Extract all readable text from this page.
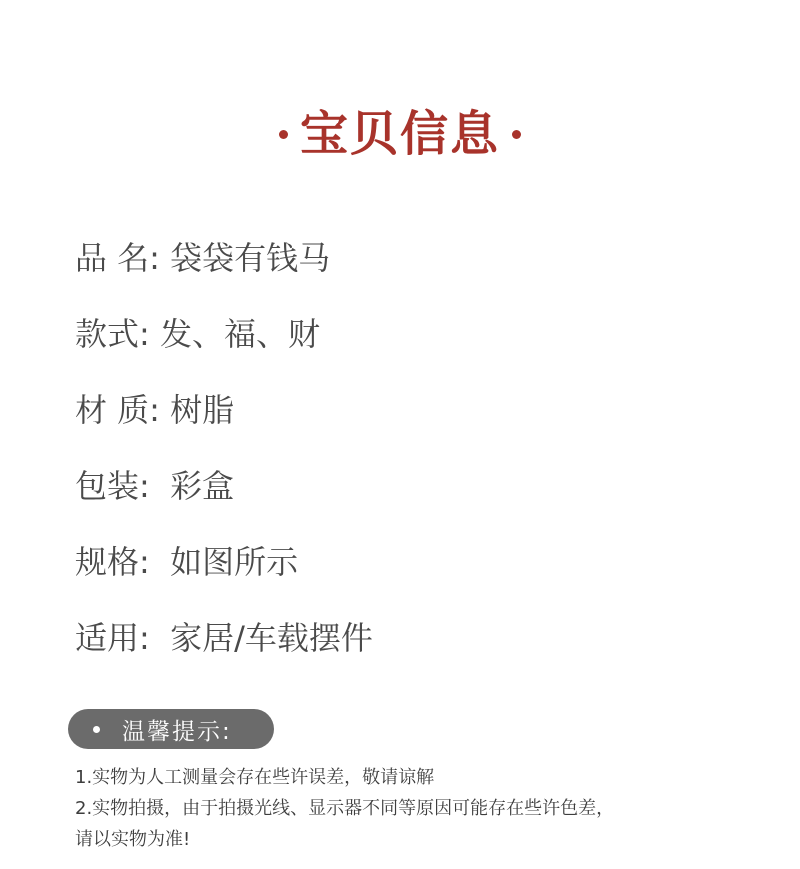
宝贝信息
品 名: 袋袋有钱马
款式: 发、福、财
材 质: 树脂
包装: 彩盒
规格: 如图所示
适用: 家居/车载摆件
温馨提示:
1.实物为人工测量会存在些许误差，敬请谅解
2.实物拍摄，由于拍摄光线、显示器不同等原因可能存在些许色差，
请以实物为准!
